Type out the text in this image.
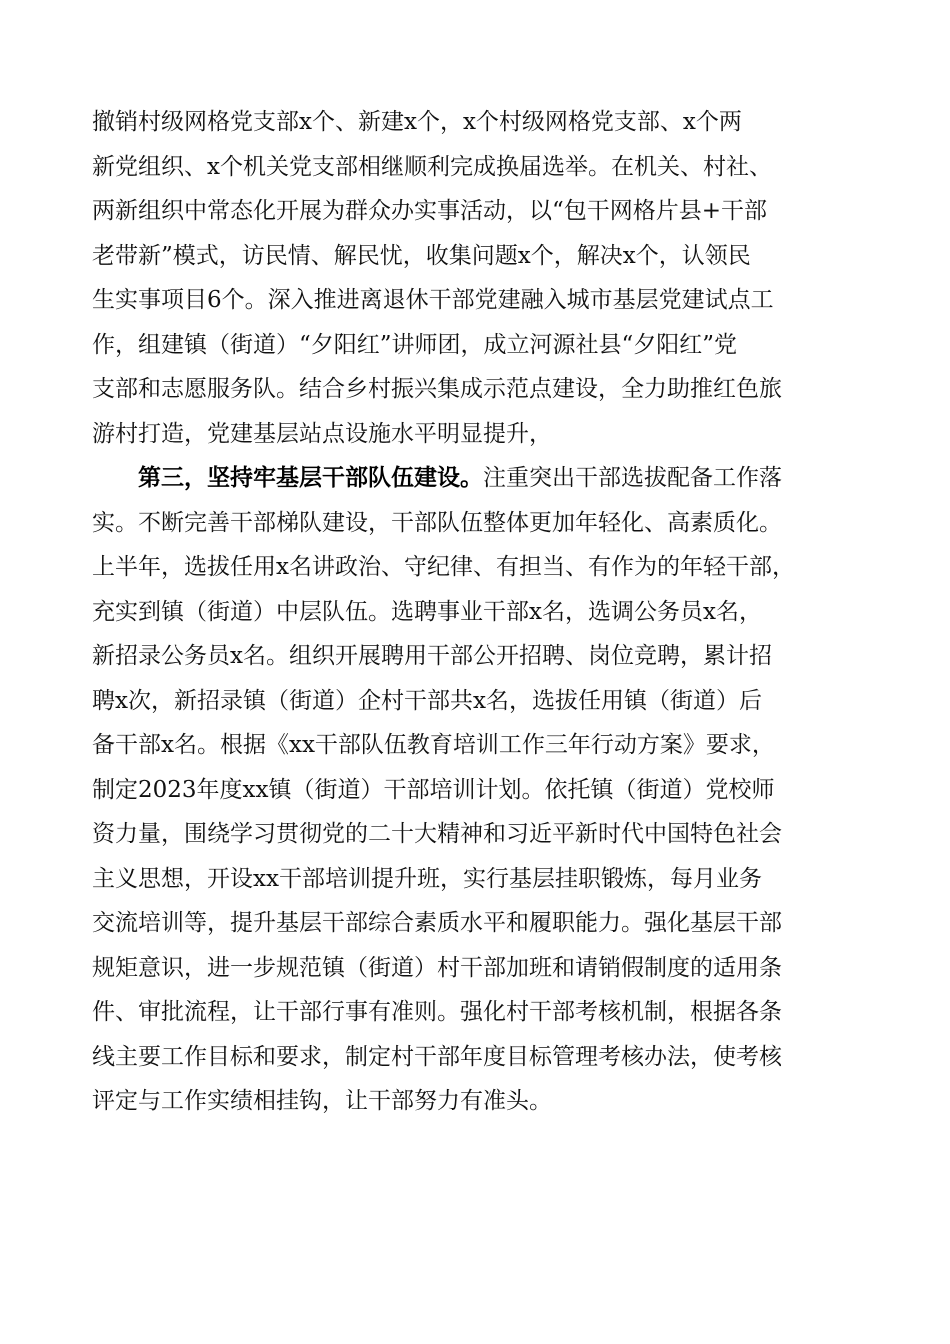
撤销村级网格党支部x个、新建x个，x个村级网格党支部、x个两
新党组织、x个机关党支部相继顺利完成换届选举。在机关、村社、
两新组织中常态化开展为群众办实事活动，以“包干网格片县+干部
老带新”模式，访民情、解民忧，收集问题x个，解决x个，认领民
生实事项目6个。深入推进离退休干部党建融入城市基层党建试点工
作，组建镇（街道）“夕阳红”讲师团，成立河源社县“夕阳红”党
支部和志愿服务队。结合乡村振兴集成示范点建设，全力助推红色旅
游村打造，党建基层站点设施水平明显提升，
第三，坚持牢基层干部队伍建设。注重突出干部选拔配备工作落
实。不断完善干部梯队建设，干部队伍整体更加年轻化、高素质化。
上半年，选拔任用x名讲政治、守纪律、有担当、有作为的年轻干部，
充实到镇（街道）中层队伍。选聘事业干部x名，选调公务员x名，
新招录公务员x名。组织开展聘用干部公开招聘、岗位竞聘，累计招
聘x次，新招录镇（街道）企村干部共x名，选拔任用镇（街道）后
备干部x名。根据《xx干部队伍教育培训工作三年行动方案》要求，
制定2023年度xx镇（街道）干部培训计划。依托镇（街道）党校师
资力量，围绕学习贯彻党的二十大精神和习近平新时代中国特色社会
主义思想，开设xx干部培训提升班，实行基层挂职锻炼，每月业务
交流培训等，提升基层干部综合素质水平和履职能力。强化基层干部
规矩意识，进一步规范镇（街道）村干部加班和请销假制度的适用条
件、审批流程，让干部行事有准则。强化村干部考核机制，根据各条
线主要工作目标和要求，制定村干部年度目标管理考核办法，使考核
评定与工作实绩相挂钩，让干部努力有准头。
